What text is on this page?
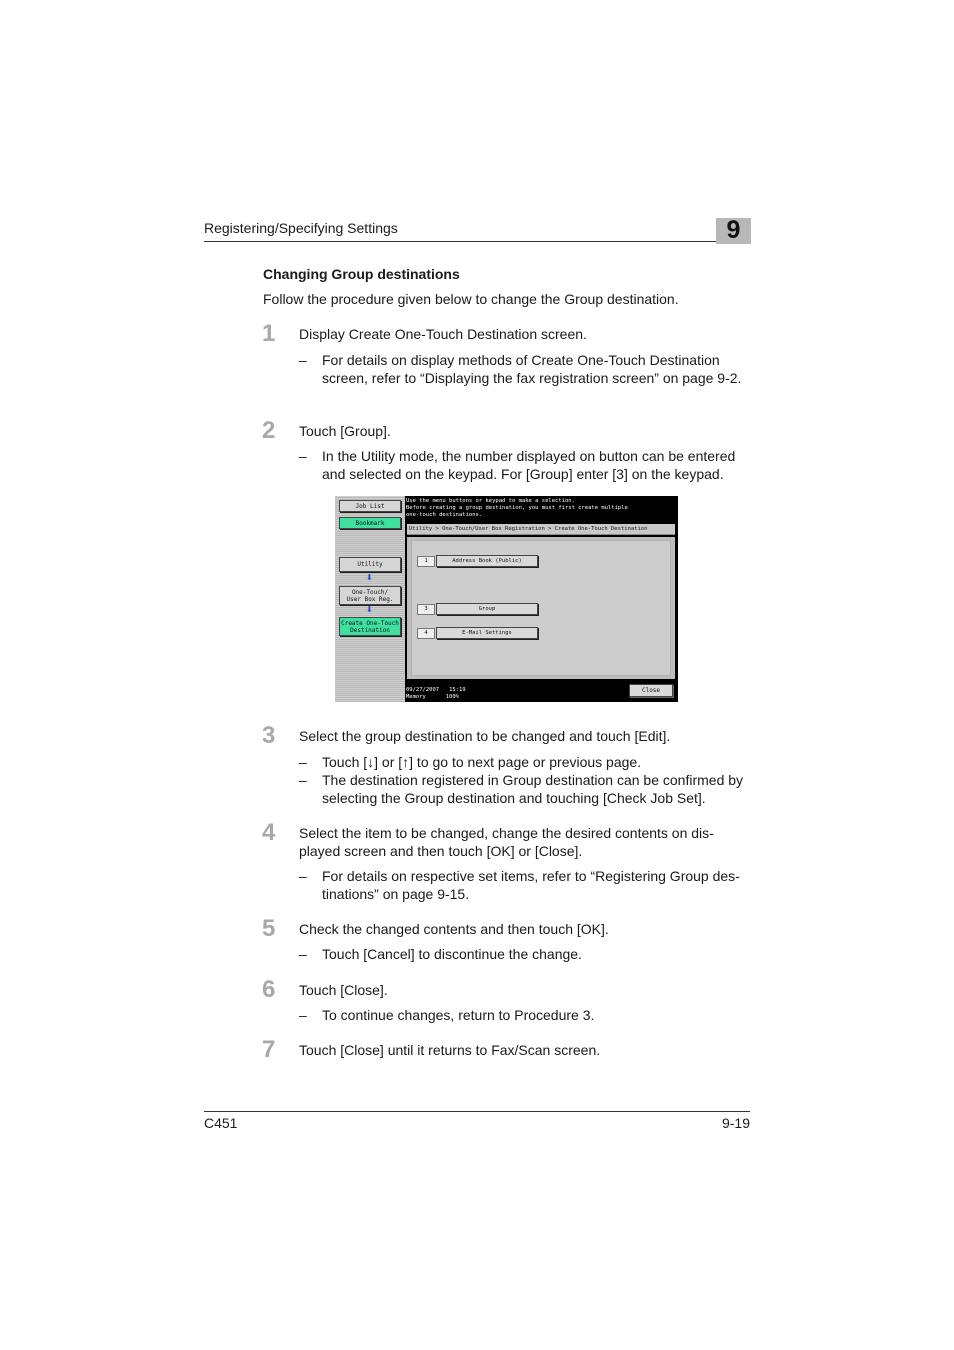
Registering/Specifying Settings	9
Changing Group destinations
Follow the procedure given below to change the Group destination.
1 Display Create One-Touch Destination screen.
– For details on display methods of Create One-Touch Destination screen, refer to “Displaying the fax registration screen” on page 9-2.
2 Touch [Group].
– In the Utility mode, the number displayed on button can be entered and selected on the keypad. For [Group] enter [3] on the keypad.
Job List
Bookmark
Utility
⬇
One-Touch/
User Box Reg.
⬇
Create One-Touch
Destination
Use the menu buttons or keypad to make a selection.
Before creating a group destination, you must first create multiple
one-touch destinations.
Utility > One-Touch/User Box Registration > Create One-Touch Destination
1	Address Book (Public)
3	Group
4	E-Mail Settings
09/27/2007 15:19
Memory	100%
Close
3 Select the group destination to be changed and touch [Edit].
– Touch [↓] or [↑] to go to next page or previous page.
– The destination registered in Group destination can be confirmed by selecting the Group destination and touching [Check Job Set].
4 Select the item to be changed, change the desired contents on dis-played screen and then touch [OK] or [Close].
– For details on respective set items, refer to “Registering Group des-tinations” on page 9-15.
5 Check the changed contents and then touch [OK].
– Touch [Cancel] to discontinue the change.
6 Touch [Close].
– To continue changes, return to Procedure 3.
7 Touch [Close] until it returns to Fax/Scan screen.
C451	9-19
